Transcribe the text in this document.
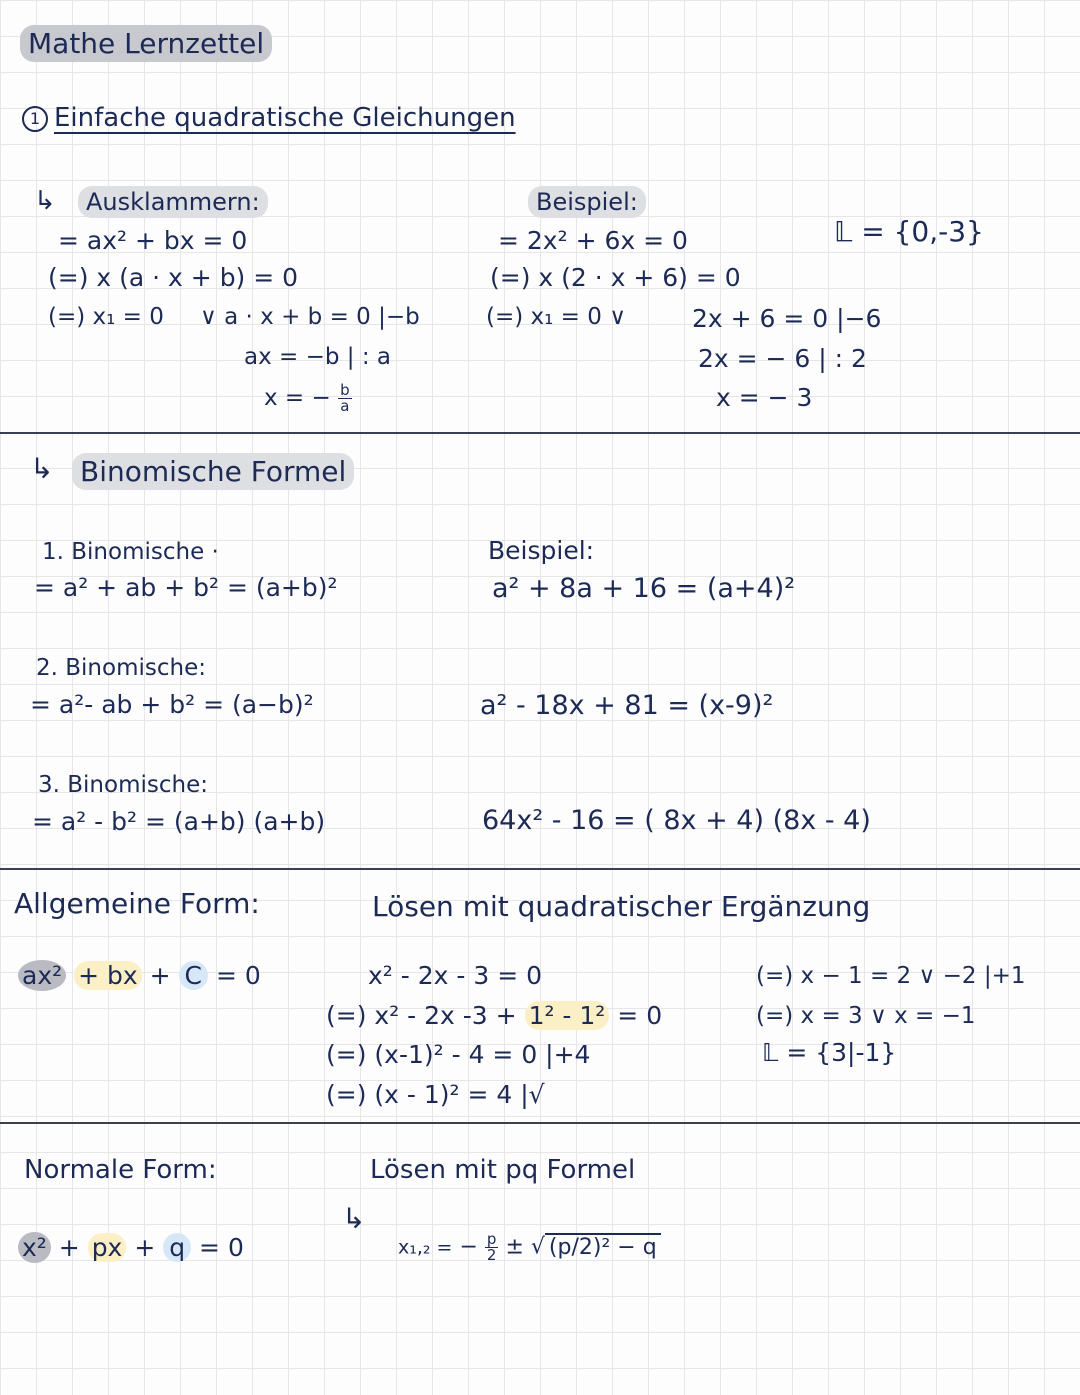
Mathe Lernzettel
1 Einfache quadratische Gleichungen
↳	Ausklammern:
= ax² + bx = 0
(=) x (a · x + b) = 0
(=) x₁ = 0 ∨ a · x + b = 0 |−b
ax = −b | : a
x = − $\frac{b}{a}$
Beispiel:
= 2x² + 6x = 0
(=) x (2 · x + 6) = 0
(=) x₁ = 0 ∨	2x + 6 = 0 |−6
2x = − 6 | : 2
x = − 3
𝕃 = {0,-3}
↳ Binomische Formel
1. Binomische ·
= a² + ab + b² = (a+b)²
Beispiel:
a² + 8a + 16 = (a+4)²
2. Binomische:
= a²- ab + b² = (a−b)²	a² - 18x + 81 = (x-9)²
3. Binomische:
= a² - b² = (a+b) (a+b)	64x² - 16 = ( 8x + 4) (8x - 4)
Allgemeine Form:
ax² + bx + C = 0
Lösen mit quadratischer Ergänzung
x² - 2x - 3 = 0
(=) x² - 2x -3 + 1² - 1² = 0
(=) (x-1)² - 4 = 0 |+4
(=) (x - 1)² = 4 |√
(=) x − 1 = 2 ∨ −2 |+1
(=) x = 3 ∨ x = −1
𝕃 = {3|-1}
Normale Form:
x² + px + q = 0
Lösen mit pq Formel
↳
x₁,₂ = − $\frac{p}{2}$ ± √ (p/2)² − q
